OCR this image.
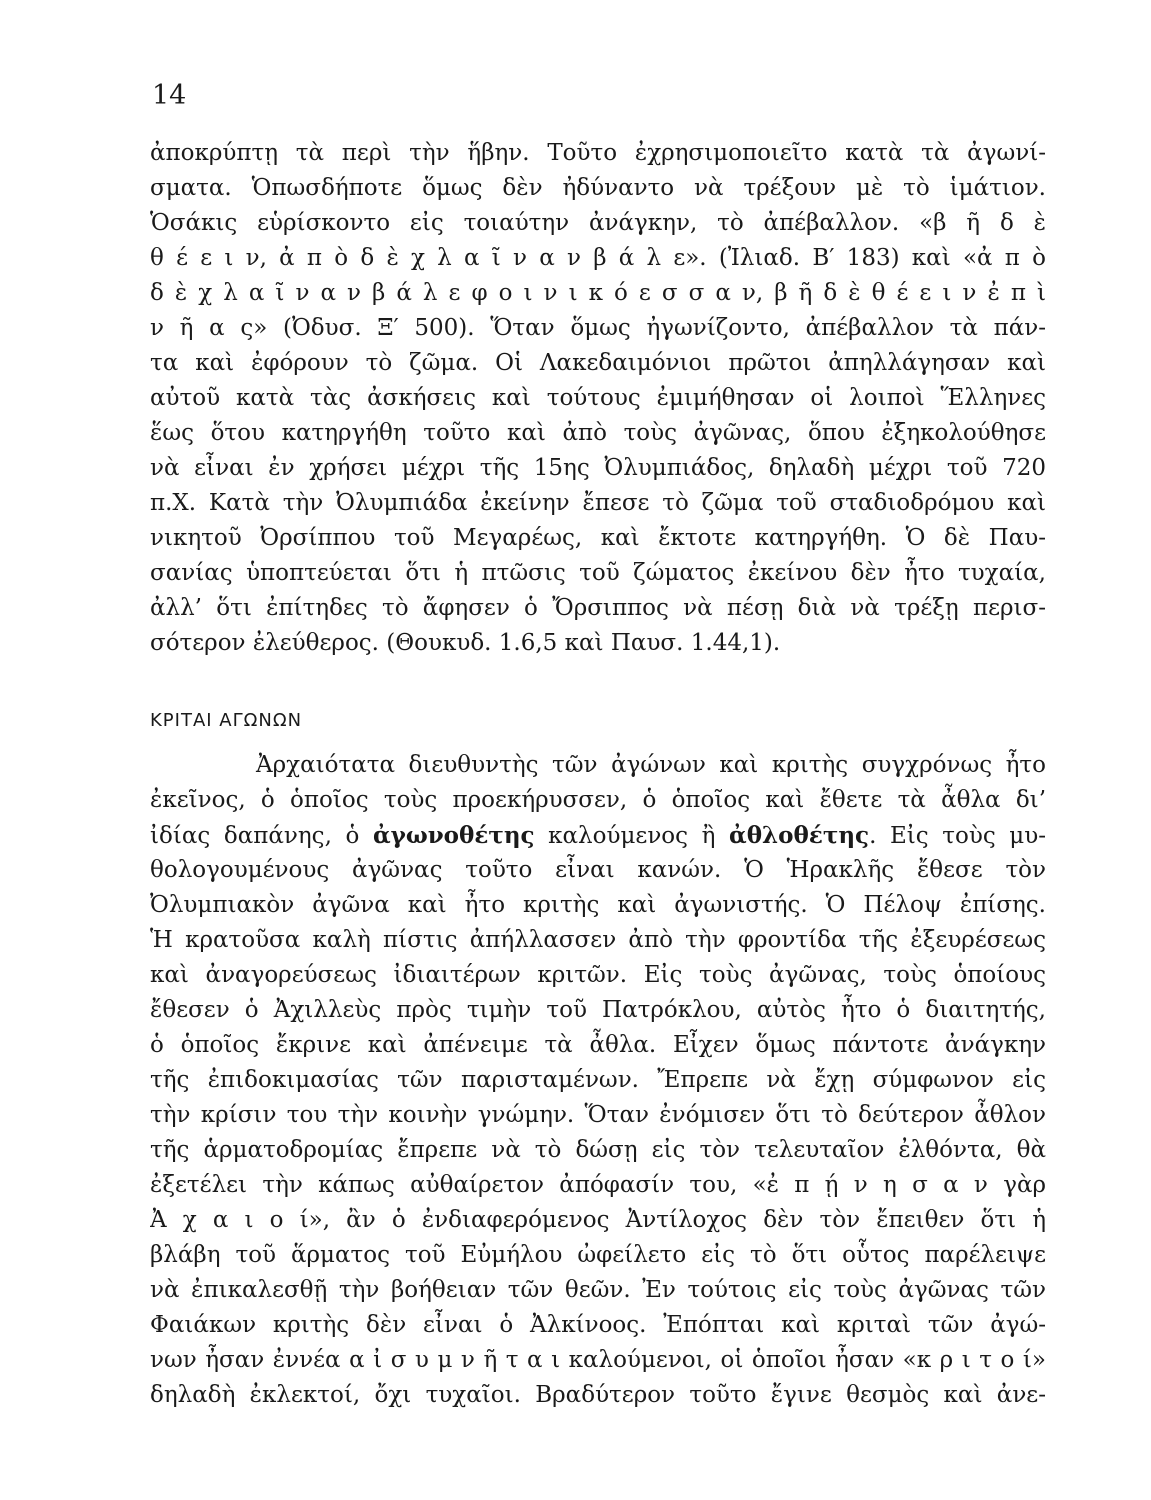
14
ἀποκρύπτῃ τὰ περὶ τὴν ἥβην. Τοῦτο ἐχρησιμοποιεῖτο κατὰ τὰ ἀγωνί-
σματα. Ὁπωσδήποτε ὅμως δὲν ἠδύναντο νὰ τρέξουν μὲ τὸ ἱμάτιον.
Ὁσάκις εὑρίσκοντο εἰς τοιαύτην ἀνάγκην, τὸ ἀπέβαλλον. «β ῆ δ ὲ
θ έ ε ι ν, ἀ π ὸ δ ὲ χ λ α ῖ ν α ν β ά λ ε». (Ἰλιαδ. Β′ 183) καὶ «ἀ π ὸ
δ ὲ χ λ α ῖ ν α ν β ά λ ε φ ο ι ν ι κ ό ε σ σ α ν, β ῆ δ ὲ θ έ ε ι ν ἐ π ὶ
ν ῆ α ς» (Ὀδυσ. Ξ′ 500). Ὅταν ὅμως ἠγωνίζοντο, ἀπέβαλλον τὰ πάν-
τα καὶ ἐφόρουν τὸ ζῶμα. Οἱ Λακεδαιμόνιοι πρῶτοι ἀπηλλάγησαν καὶ
αὐτοῦ κατὰ τὰς ἀσκήσεις καὶ τούτους ἐμιμήθησαν οἱ λοιποὶ Ἕλληνες
ἕως ὅτου κατηργήθη τοῦτο καὶ ἀπὸ τοὺς ἀγῶνας, ὅπου ἐξηκολούθησε
νὰ εἶναι ἐν χρήσει μέχρι τῆς 15ης Ὀλυμπιάδος, δηλαδὴ μέχρι τοῦ 720
π.Χ. Κατὰ τὴν Ὀλυμπιάδα ἐκείνην ἔπεσε τὸ ζῶμα τοῦ σταδιοδρόμου καὶ
νικητοῦ Ὀρσίππου τοῦ Μεγαρέως, καὶ ἔκτοτε κατηργήθη. Ὁ δὲ Παυ-
σανίας ὑποπτεύεται ὅτι ἡ πτῶσις τοῦ ζώματος ἐκείνου δὲν ἦτο τυχαία,
ἀλλ’ ὅτι ἐπίτηδες τὸ ἄφησεν ὁ Ὄρσιππος νὰ πέσῃ διὰ νὰ τρέξῃ περισ-
σότερον ἐλεύθερος. (Θουκυδ. 1.6,5 καὶ Παυσ. 1.44,1).
ΚΡΙΤΑΙ ΑΓΩΝΩΝ
Ἀρχαιότατα διευθυντὴς τῶν ἀγώνων καὶ κριτὴς συγχρόνως ἦτο
ἐκεῖνος, ὁ ὁποῖος τοὺς προεκήρυσσεν, ὁ ὁποῖος καὶ ἔθετε τὰ ἆθλα δι’
ἰδίας δαπάνης, ὁ ἀγωνοθέτης καλούμενος ἢ ἀθλοθέτης. Εἰς τοὺς μυ-
θολογουμένους ἀγῶνας τοῦτο εἶναι κανών. Ὁ Ἡρακλῆς ἔθεσε τὸν
Ὀλυμπιακὸν ἀγῶνα καὶ ἦτο κριτὴς καὶ ἀγωνιστής. Ὁ Πέλοψ ἐπίσης.
Ἡ κρατοῦσα καλὴ πίστις ἀπήλλασσεν ἀπὸ τὴν φροντίδα τῆς ἐξευρέσεως
καὶ ἀναγορεύσεως ἰδιαιτέρων κριτῶν. Εἰς τοὺς ἀγῶνας, τοὺς ὁποίους
ἔθεσεν ὁ Ἀχιλλεὺς πρὸς τιμὴν τοῦ Πατρόκλου, αὐτὸς ἦτο ὁ διαιτητής,
ὁ ὁποῖος ἔκρινε καὶ ἀπένειμε τὰ ἆθλα. Εἶχεν ὅμως πάντοτε ἀνάγκην
τῆς ἐπιδοκιμασίας τῶν παρισταμένων. Ἔπρεπε νὰ ἔχῃ σύμφωνον εἰς
τὴν κρίσιν του τὴν κοινὴν γνώμην. Ὅταν ἐνόμισεν ὅτι τὸ δεύτερον ἆθλον
τῆς ἁρματοδρομίας ἔπρεπε νὰ τὸ δώσῃ εἰς τὸν τελευταῖον ἐλθόντα, θὰ
ἐξετέλει τὴν κάπως αὐθαίρετον ἀπόφασίν του, «ἐ π ῄ ν η σ α ν γὰρ
Ἀ χ α ι ο ί», ἂν ὁ ἐνδιαφερόμενος Ἀντίλοχος δὲν τὸν ἔπειθεν ὅτι ἡ
βλάβη τοῦ ἅρματος τοῦ Εὐμήλου ὠφείλετο εἰς τὸ ὅτι οὗτος παρέλειψε
νὰ ἐπικαλεσθῇ τὴν βοήθειαν τῶν θεῶν. Ἐν τούτοις εἰς τοὺς ἀγῶνας τῶν
Φαιάκων κριτὴς δὲν εἶναι ὁ Ἀλκίνοος. Ἐπόπται καὶ κριταὶ τῶν ἀγώ-
νων ἦσαν ἐννέα α ἰ σ υ μ ν ῆ τ α ι καλούμενοι, οἱ ὁποῖοι ἦσαν «κ ρ ι τ ο ί»
δηλαδὴ ἐκλεκτοί, ὄχι τυχαῖοι. Βραδύτερον τοῦτο ἔγινε θεσμὸς καὶ ἀνε-
